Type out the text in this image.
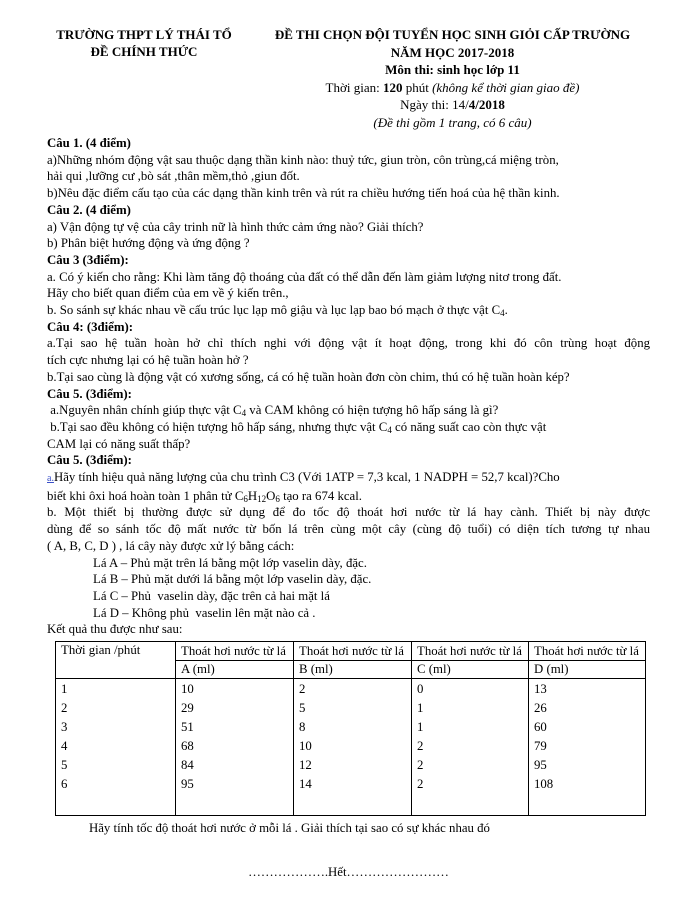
TRƯỜNG THPT LÝ THÁI TỔ
ĐỀ CHÍNH THỨC
ĐỀ THI CHỌN ĐỘI TUYỂN HỌC SINH GIỎI CẤP TRƯỜNG
NĂM HỌC 2017-2018
Môn thi: sinh học lớp 11
Thời gian: 120 phút (không kể thời gian giao đề)
Ngày thi: 14/4/2018
(Đề thi gồm 1 trang, có 6 câu)
Câu 1. (4 điểm)
a)Những nhóm động vật sau thuộc dạng thần kinh nào: thuỷ tức, giun tròn, côn trùng,cá miệng tròn,
hải qui ,lưỡng cư ,bò sát ,thân mềm,thỏ ,giun đốt.
b)Nêu đặc điểm cấu tạo của các dạng thần kinh trên và rút ra chiều hướng tiến hoá của hệ thần kinh.
Câu 2. (4 điểm)
a) Vận động tự vệ của cây trinh nữ là hình thức cảm ứng nào? Giải thích?
b) Phân biệt hướng động và ứng động ?
Câu 3 (3điểm):
a. Có ý kiến cho rằng: Khi làm tăng độ thoáng của đất có thể dẫn đến làm giảm lượng nitơ trong đất.
Hãy cho biết quan điểm của em về ý kiến trên.,
b. So sánh sự khác nhau về cấu trúc lục lạp mô giậu và lục lạp bao bó mạch ở thực vật $C_4$.
Câu 4: (3điểm):
a.Tại sao hệ tuần hoàn hở chỉ thích nghi với động vật ít hoạt động, trong khi đó côn trùng hoạt động
tích cực nhưng lại có hệ tuần hoàn hở ?
b.Tại sao cùng là động vật có xương sống, cá có hệ tuần hoàn đơn còn chim, thú có hệ tuần hoàn kép?
Câu 5. (3điểm):
a.Nguyên nhân chính giúp thực vật $C_4$ và CAM không có hiện tượng hô hấp sáng là gì?
b.Tại sao đều không có hiện tượng hô hấp sáng, nhưng thực vật $C_4$ có năng suất cao còn thực vật
CAM lại có năng suất thấp?
Câu 5. (3điểm):
a.Hãy tính hiệu quả năng lượng của chu trình C3 (Với 1ATP = 7,3 kcal, 1 NADPH = 52,7 kcal)?Cho
biết khi ôxi hoá hoàn toàn 1 phân tử $C_6H_{12}O_6$ tạo ra 674 kcal.
b. Một thiết bị thường được sử dụng để đo tốc độ thoát hơi nước từ lá hay cành. Thiết bị này được
dùng để so sánh tốc độ mất nước từ bốn lá trên cùng một cây (cùng độ tuổi) có diện tích tương tự nhau
( A, B, C, D ) , lá cây này được xử lý bằng cách:
Lá A – Phủ mặt trên lá bằng một lớp vaselin dày, đặc.
Lá B – Phủ mặt dưới lá bằng một lớp vaselin dày, đặc.
Lá C – Phủ  vaselin dày, đặc trên cả hai mặt lá
Lá D – Không phủ  vaselin lên mặt nào cả .
Kết quả thu được như sau:
Thời gian /phút	Thoát hơi nước từ lá	Thoát hơi nước từ lá	Thoát hơi nước từ lá	Thoát hơi nước từ lá
	A (ml)	B (ml)	C (ml)	D (ml)
1	10	2	0	13
2	29	5	1	26
3	51	8	1	60
4	68	10	2	79
5	84	12	2	95
6	95	14	2	108
Hãy tính tốc độ thoát hơi nước ở mỗi lá . Giải thích tại sao có sự khác nhau đó
……………….Hết……………………
